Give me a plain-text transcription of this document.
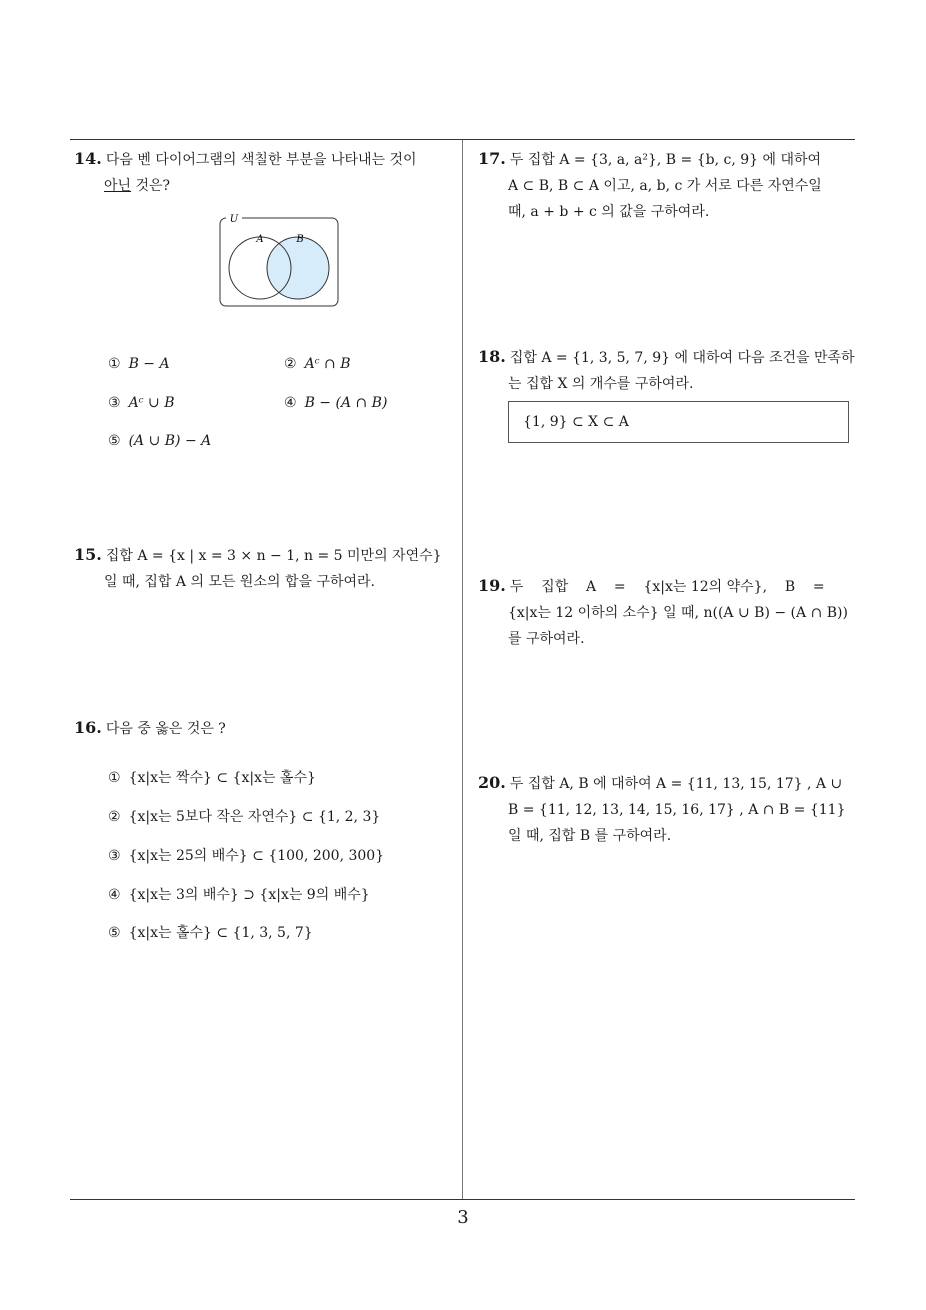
14. 다음 벤 다이어그램의 색칠한 부분을 나타내는 것이
아닌 것은?
U
A	B
① B − A	② Aᶜ ∩ B
③ Aᶜ ∪ B	④ B − (A ∩ B)
⑤ (A ∪ B) − A
15. 집합 A = {x | x = 3 × n − 1, n = 5 미만의 자연수}
일 때, 집합 A 의 모든 원소의 합을 구하여라.
16. 다음 중 옳은 것은 ?
① {x|x는 짝수} ⊂ {x|x는 홀수}
② {x|x는 5보다 작은 자연수} ⊂ {1, 2, 3}
③ {x|x는 25의 배수} ⊂ {100, 200, 300}
④ {x|x는 3의 배수} ⊃ {x|x는 9의 배수}
⑤ {x|x는 홀수} ⊂ {1, 3, 5, 7}
17. 두 집합 A = {3, a, a²}, B = {b, c, 9} 에 대하여
A ⊂ B, B ⊂ A 이고, a, b, c 가 서로 다른 자연수일
때, a + b + c 의 값을 구하여라.
18. 집합 A = {1, 3, 5, 7, 9} 에 대하여 다음 조건을 만족하
는 집합 X 의 개수를 구하여라.
{1, 9} ⊂ X ⊂ A
19. 두    집합    A    =    {x|x는 12의 약수},    B    =
{x|x는 12 이하의 소수} 일 때, n((A ∪ B) − (A ∩ B))
를 구하여라.
20. 두 집합 A, B 에 대하여 A = {11, 13, 15, 17} , A ∪
B = {11, 12, 13, 14, 15, 16, 17} , A ∩ B = {11}
일 때, 집합 B 를 구하여라.
3
